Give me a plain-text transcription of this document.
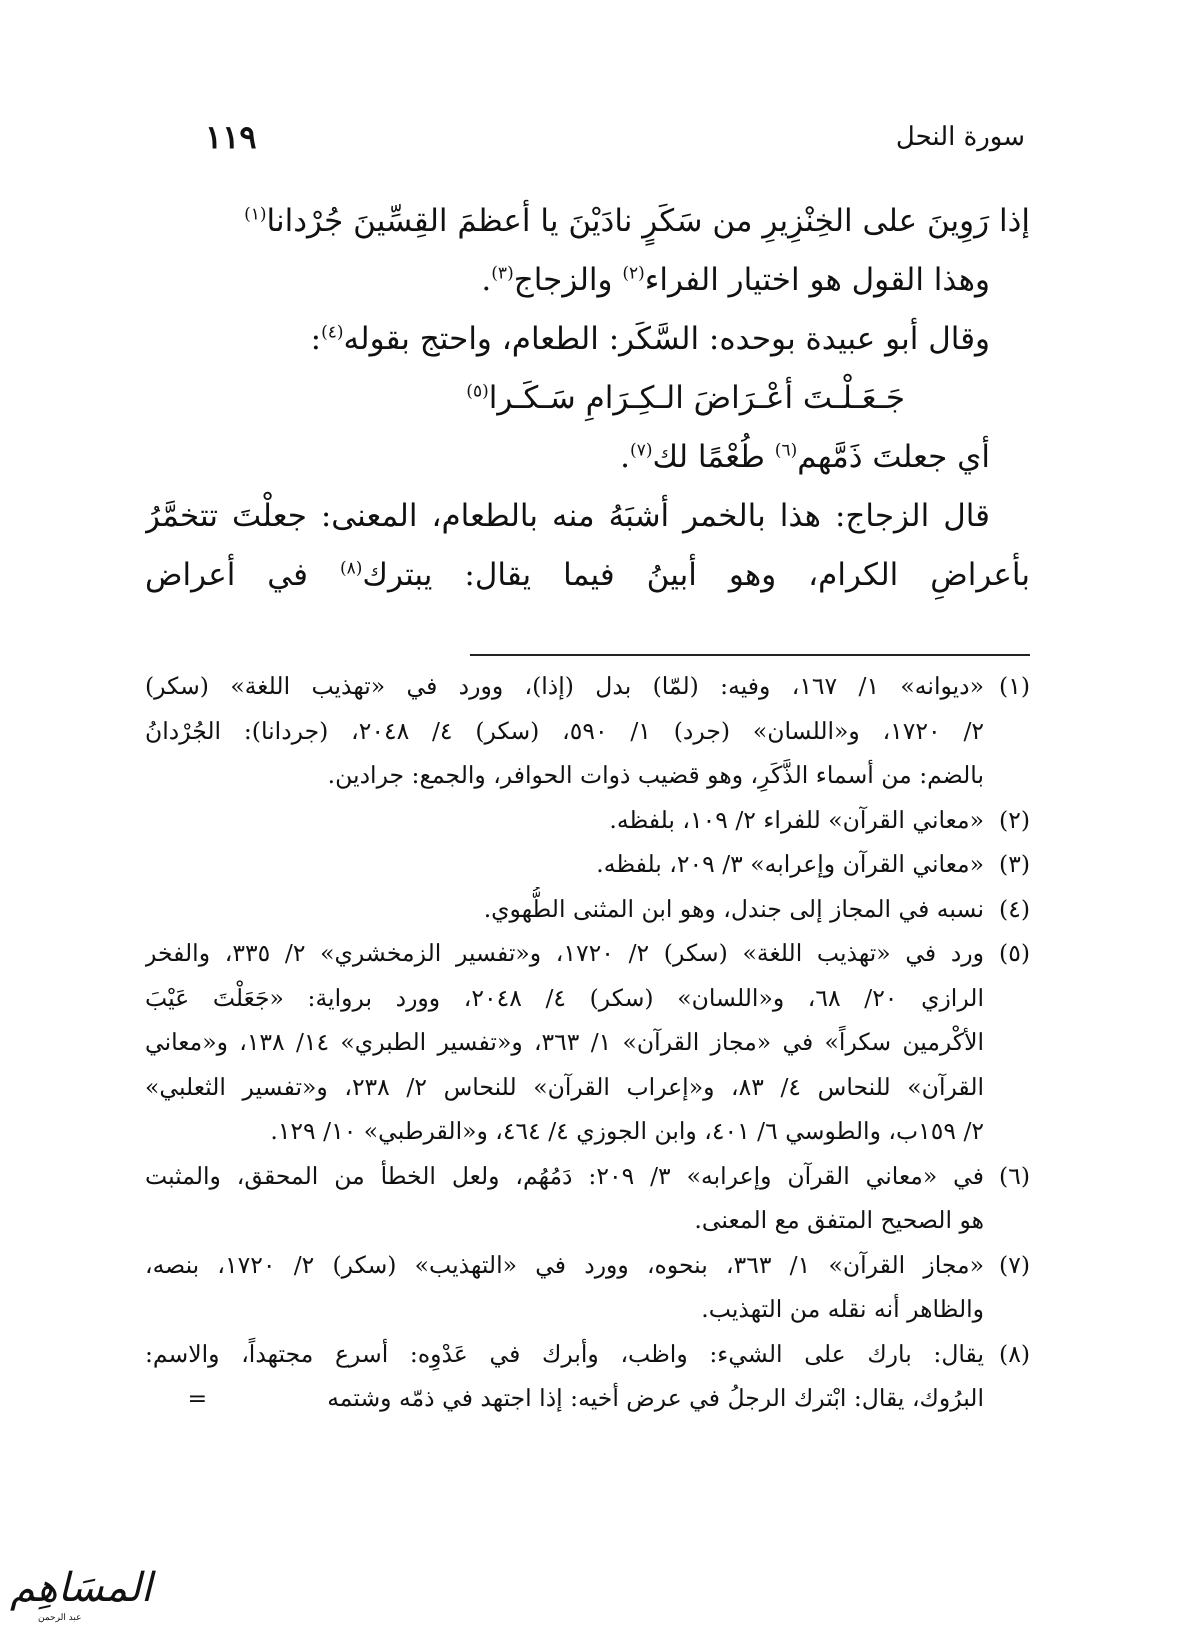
سورة النحل
١١٩
إذا رَوِينَ على الخِنْزِيرِ من سَكَرٍ نادَيْنَ يا أعظمَ القِسِّينَ جُرْدانا$^{(١)}$
وهذا القول هو اختيار الفراء$^{(٢)}$ والزجاج$^{(٣)}$.
وقال أبو عبيدة بوحده: السَّكَر: الطعام، واحتج بقوله$^{(٤)}$:
جَـعَـلْـتَ أعْـرَاضَ الـكِـرَامِ سَـكَـرا$^{(٥)}$
أي جعلتَ ذَمَّهم$^{(٦)}$ طُعْمًا لك$^{(٧)}$.
قال الزجاج: هذا بالخمر أشبَهُ منه بالطعام، المعنى: جعلْتَ تتخمَّرُ
بأعراضِ الكرام، وهو أبينُ فيما يقال: يبترك$^{(٨)}$ في أعراض
(١)
«ديوانه» ١/ ١٦٧، وفيه: (لمّا) بدل (إذا)، وورد في «تهذيب اللغة» (سكر)
٢/ ١٧٢٠، و«اللسان» (جرد) ١/ ٥٩٠، (سكر) ٤/ ٢٠٤٨، (جردانا): الجُرْدانُ
بالضم: من أسماء الذَّكَرِ، وهو قضيب ذوات الحوافر، والجمع: جرادين.
(٢)
«معاني القرآن» للفراء ٢/ ١٠٩، بلفظه.
(٣)
«معاني القرآن وإعرابه» ٣/ ٢٠٩، بلفظه.
(٤)
نسبه في المجاز إلى جندل، وهو ابن المثنى الطُّهوي.
(٥)
ورد في «تهذيب اللغة» (سكر) ٢/ ١٧٢٠، و«تفسير الزمخشري» ٢/ ٣٣٥، والفخر
الرازي ٢٠/ ٦٨، و«اللسان» (سكر) ٤/ ٢٠٤٨، وورد برواية: «جَعَلْتَ عَيْبَ
الأكْرمين سكراً» في «مجاز القرآن» ١/ ٣٦٣، و«تفسير الطبري» ١٤/ ١٣٨، و«معاني
القرآن» للنحاس ٤/ ٨٣، و«إعراب القرآن» للنحاس ٢/ ٢٣٨، و«تفسير الثعلبي»
٢/ ١٥٩ب، والطوسي ٦/ ٤٠١، وابن الجوزي ٤/ ٤٦٤، و«القرطبي» ١٠/ ١٢٩.
(٦)
في «معاني القرآن وإعرابه» ٣/ ٢٠٩: دَمُهُم، ولعل الخطأ من المحقق، والمثبت
هو الصحيح المتفق مع المعنى.
(٧)
«مجاز القرآن» ١/ ٣٦٣، بنحوه، وورد في «التهذيب» (سكر) ٢/ ١٧٢٠، بنصه،
والظاهر أنه نقله من التهذيب.
(٨)
يقال: بارك على الشيء: واظب، وأبرك في عَدْوِه: أسرع مجتهداً، والاسم:
البرُوك، يقال: ابْترك الرجلُ في عرض أخيه: إذا اجتهد في ذمّه وشتمه=
المسَاهِم
عبد الرحمن
